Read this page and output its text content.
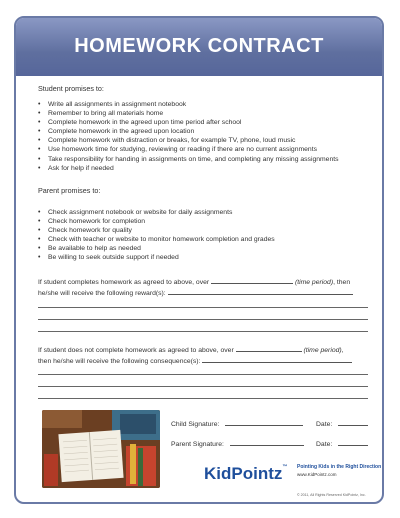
HOMEWORK CONTRACT
Student promises to:
• Write all assignments in assignment notebook
• Remember to bring all materials home
• Complete homework in the agreed upon time period after school
• Complete homework in the agreed upon location
• Complete homework with distraction or breaks, for example TV, phone, loud music
• Use homework time for studying, reviewing or reading if there are no current assignments
• Take responsibility for handing in assignments on time, and completing any missing assignments
• Ask for help if needed
Parent promises to:
• Check assignment notebook or website for daily assignments
• Check homework for completion
• Check homework for quality
• Check with teacher or website to monitor homework completion and grades
• Be available to help as needed
• Be willing to seek outside support if needed
If student completes homework as agreed to above, over	(time period), then
he/she will receive the following reward(s):
If student does not complete homework as agreed to above, over	(time period),
then he/she will receive the following consequence(s):
Child Signature:	Date:
Parent Signature:	Date:
KidPointz™ Pointing Kids in the Right Direction
www.KidPointz.com
© 2011, All Rights Reserved KidPointz, Inc.
